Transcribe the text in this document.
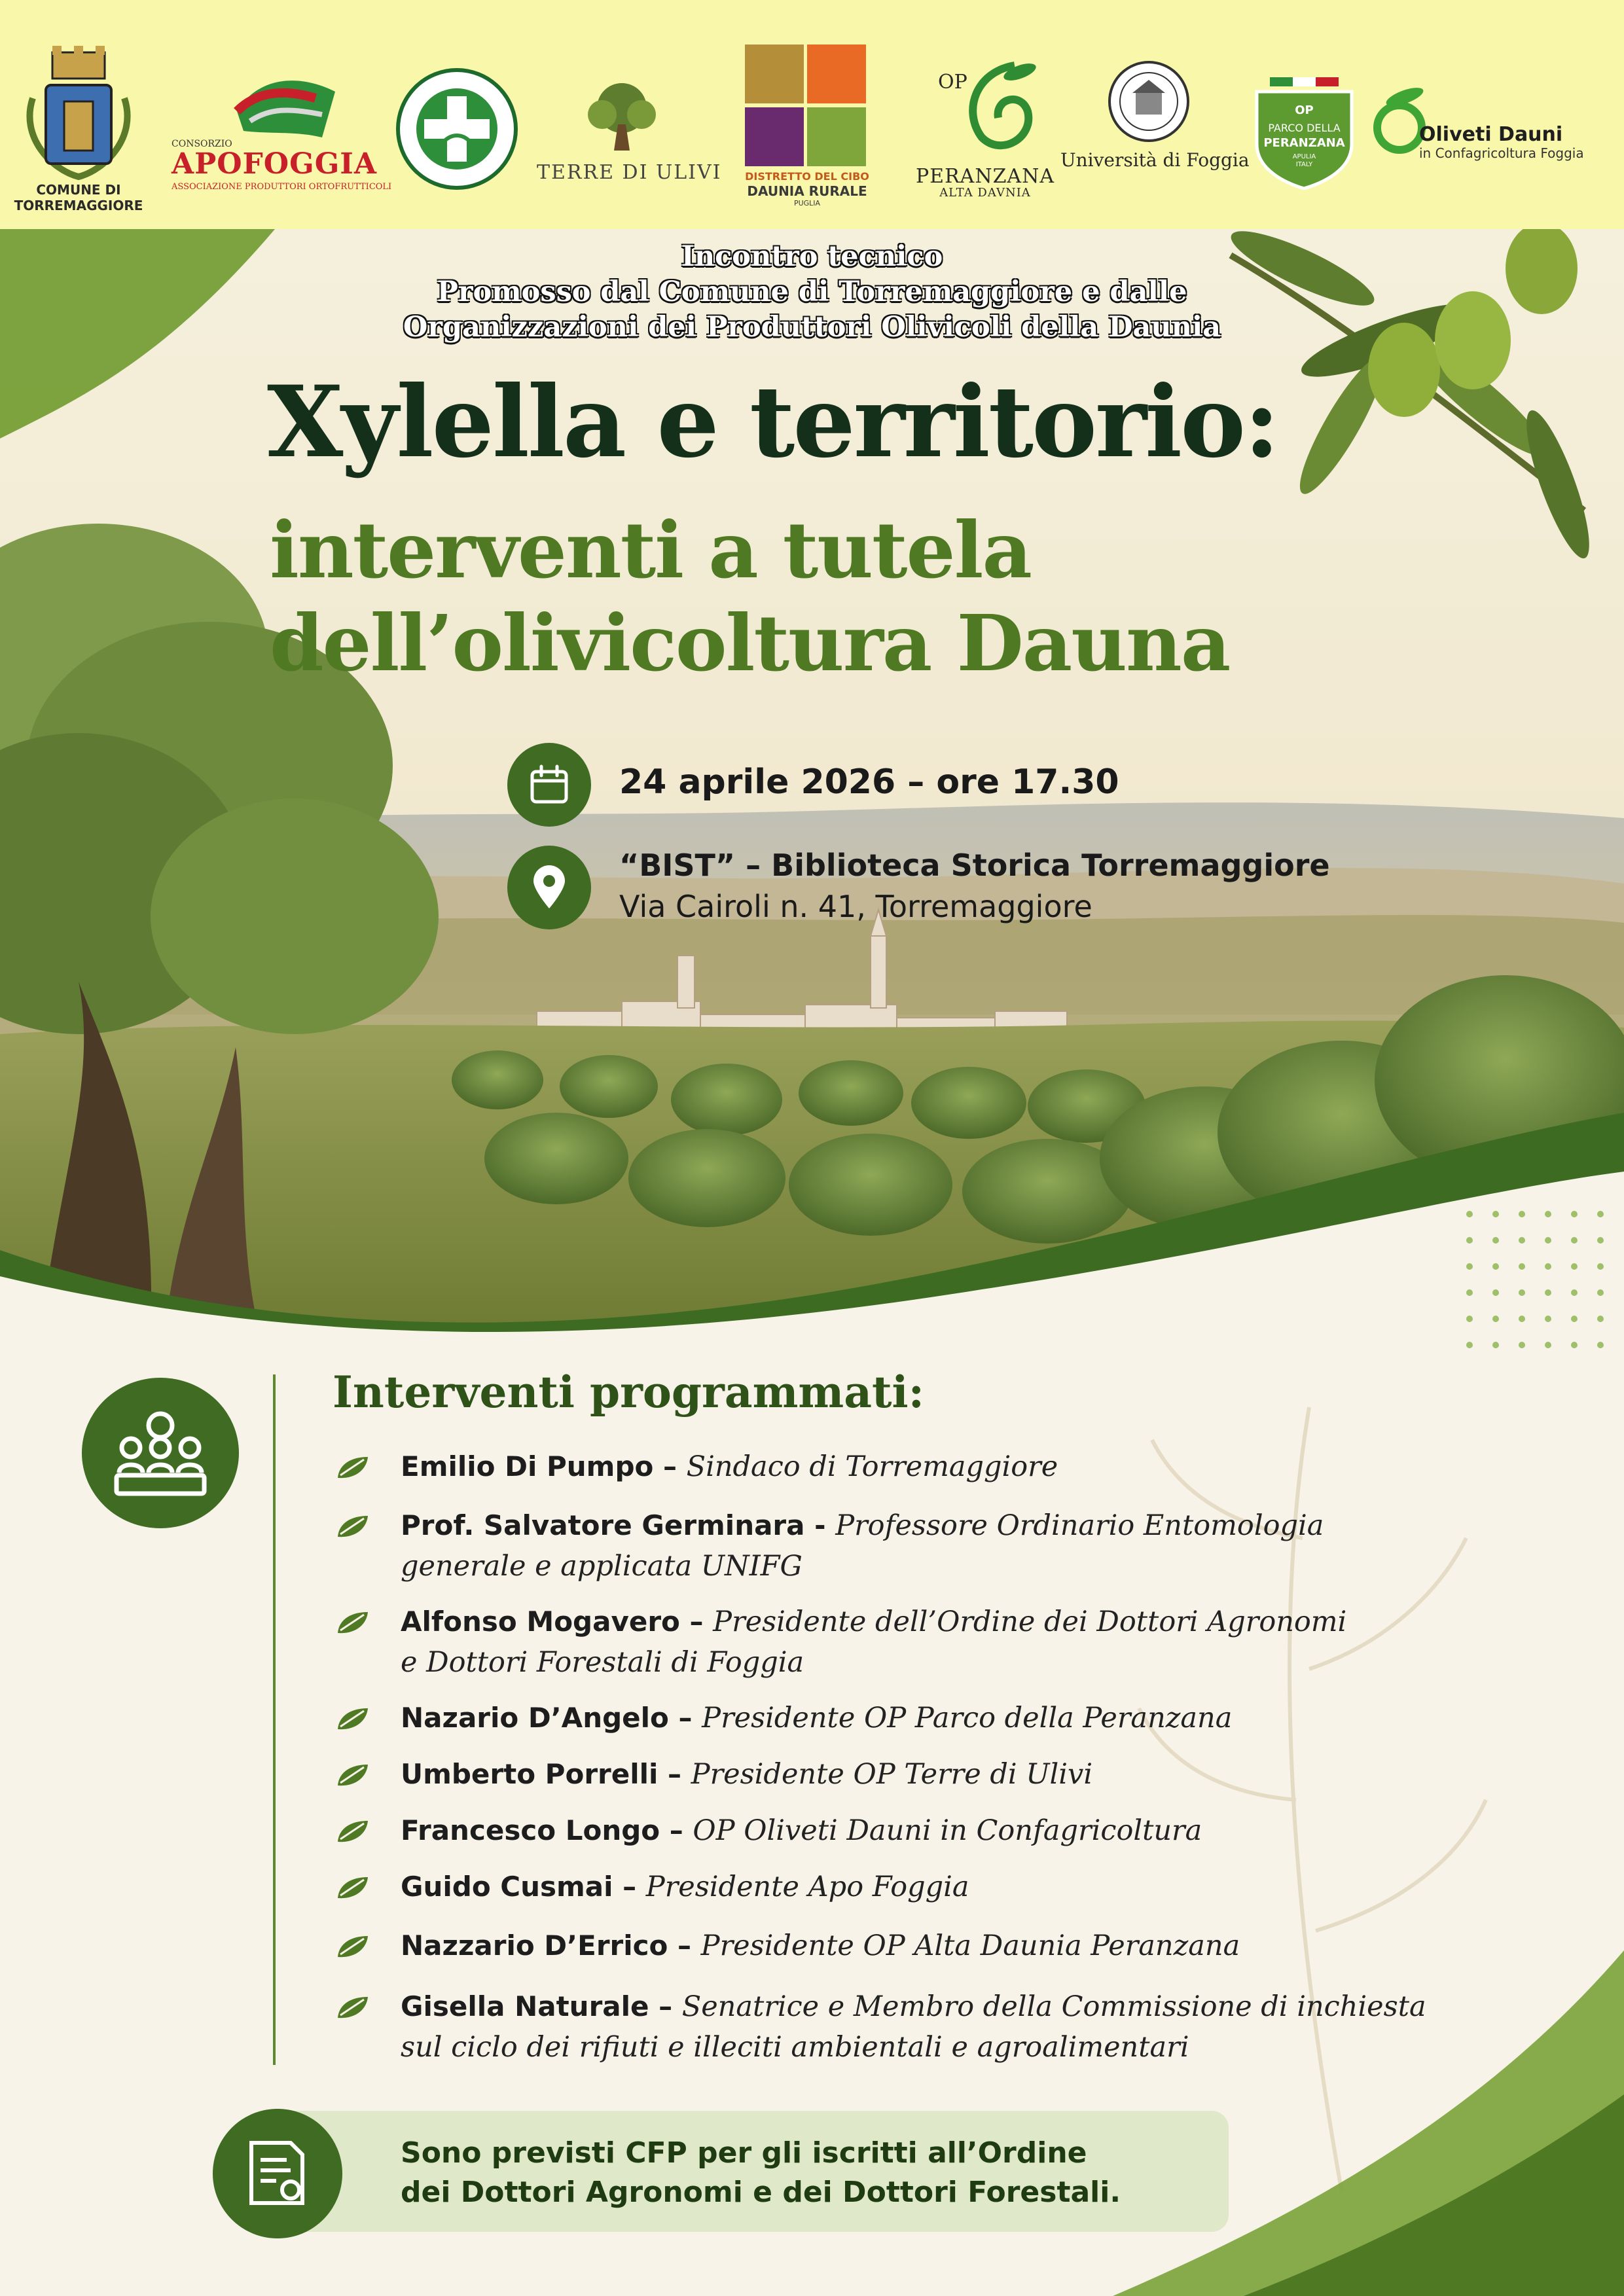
COMUNE DI
TORREMAGGIORE
CONSORZIO
APOFOGGIA
ASSOCIAZIONE PRODUTTORI ORTOFRUTTICOLI
TERRE DI ULIVI	DISTRETTO DEL CIBO
DAUNIA RURALE
PUGLIA
OP
PERANZANA
ALTA DAVNIA
Università di Foggia
OP
PARCO DELLA
PERANZANA
APULIA
ITALY
Oliveti Dauni
in Confagricoltura Foggia
Incontro tecnico
Promosso dal Comune di Torremaggiore e dalle
Organizzazioni dei Produttori Olivicoli della Daunia
Xylella e territorio:
interventi a tutela
dell’olivicoltura Dauna
24 aprile 2026 – ore 17.30
“BIST” – Biblioteca Storica Torremaggiore
Via Cairoli n. 41, Torremaggiore
Interventi programmati:
Emilio Di Pumpo – Sindaco di Torremaggiore
Prof. Salvatore Germinara - Professore Ordinario Entomologia
generale e applicata UNIFG
Alfonso Mogavero – Presidente dell’Ordine dei Dottori Agronomi
e Dottori Forestali di Foggia
Nazario D’Angelo – Presidente OP Parco della Peranzana
Umberto Porrelli – Presidente OP Terre di Ulivi
Francesco Longo – OP Oliveti Dauni in Confagricoltura
Guido Cusmai – Presidente Apo Foggia
Nazzario D’Errico – Presidente OP Alta Daunia Peranzana
Gisella Naturale – Senatrice e Membro della Commissione di inchiesta
sul ciclo dei rifiuti e illeciti ambientali e agroalimentari
Sono previsti CFP per gli iscritti all’Ordine
dei Dottori Agronomi e dei Dottori Forestali.
